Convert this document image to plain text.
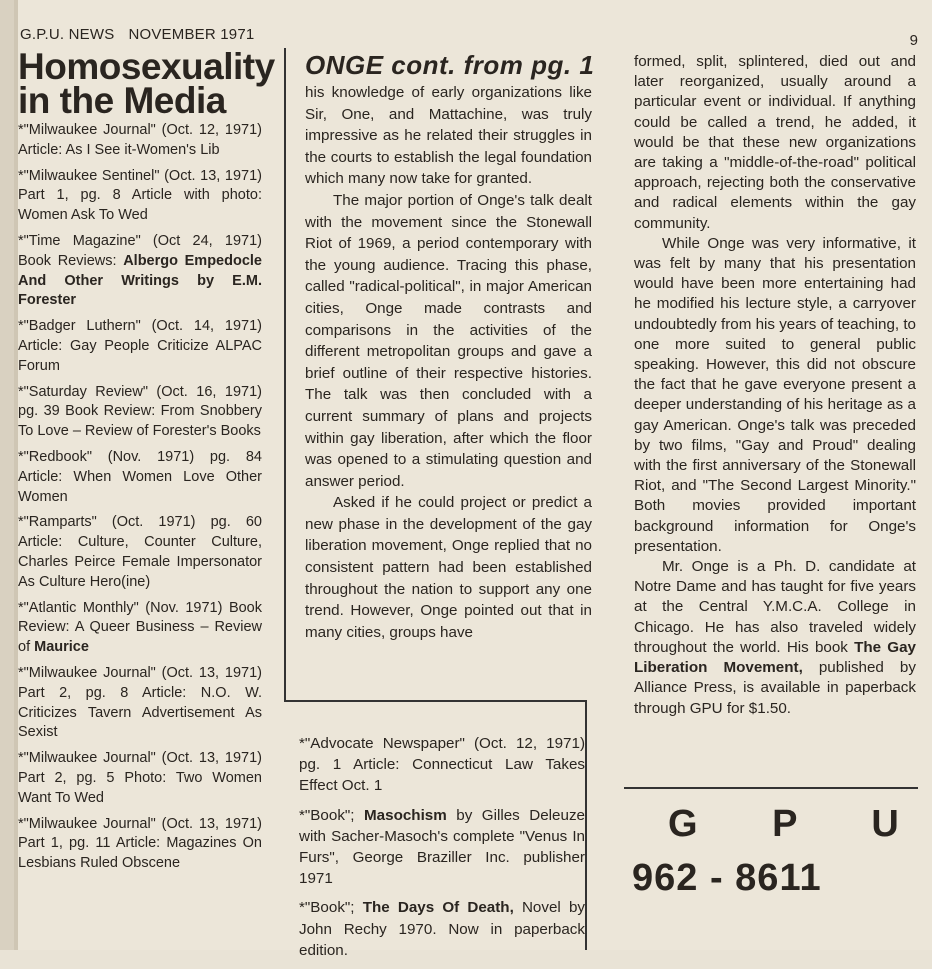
G.P.U. NEWS NOVEMBER 1971	9
Homosexuality
in the Media

*"Milwaukee Journal" (Oct. 12, 1971) Article: As I See it-Women's Lib

*"Milwaukee Sentinel" (Oct. 13, 1971) Part 1, pg. 8 Article with photo: Women Ask To Wed

*"Time Magazine" (Oct 24, 1971) Book Reviews: Albergo Empedocle And Other Writings by E.M. Forester

*"Badger Luthern" (Oct. 14, 1971) Article: Gay People Criticize ALPAC Forum

*"Saturday Review" (Oct. 16, 1971) pg. 39 Book Review: From Snobbery To Love – Review of Forester's Books

*"Redbook" (Nov. 1971) pg. 84 Article: When Women Love Other Women

*"Ramparts" (Oct. 1971) pg. 60 Article: Culture, Counter Culture, Charles Peirce Female Impersonator As Culture Hero(ine)

*"Atlantic Monthly" (Nov. 1971) Book Review: A Queer Business – Review of Maurice

*"Milwaukee Journal" (Oct. 13, 1971) Part 2, pg. 8 Article: N.O. W. Criticizes Tavern Advertisement As Sexist

*"Milwaukee Journal" (Oct. 13, 1971) Part 2, pg. 5 Photo: Two Women Want To Wed

*"Milwaukee Journal" (Oct. 13, 1971) Part 1, pg. 11 Article: Magazines On Lesbians Ruled Obscene

ONGE cont. from pg. 1

his knowledge of early organizations like Sir, One, and Mattachine, was truly impressive as he related their struggles in the courts to establish the legal foundation which many now take for granted.

The major portion of Onge's talk dealt with the movement since the Stonewall Riot of 1969, a period contemporary with the young audience. Tracing this phase, called "radical-political", in major American cities, Onge made contrasts and comparisons in the activities of the different metropolitan groups and gave a brief outline of their respective histories. The talk was then concluded with a current summary of plans and projects within gay liberation, after which the floor was opened to a stimulating question and answer period.

Asked if he could project or predict a new phase in the development of the gay liberation movement, Onge replied that no consistent pattern had been established throughout the nation to support any one trend. However, Onge pointed out that in many cities, groups have

*"Advocate Newspaper" (Oct. 12, 1971) pg. 1 Article: Connecticut Law Takes Effect Oct. 1

*"Book"; Masochism by Gilles Deleuze with Sacher-Masoch's complete "Venus In Furs", George Braziller Inc. publisher 1971

*"Book"; The Days Of Death, Novel by John Rechy 1970. Now in paperback edition.

formed, split, splintered, died out and later reorganized, usually around a particular event or individual. If anything could be called a trend, he added, it would be that these new organizations are taking a "middle-of-the-road" political approach, rejecting both the conservative and radical elements within the gay community.

While Onge was very informative, it was felt by many that his presentation would have been more entertaining had he modified his lecture style, a carryover undoubtedly from his years of teaching, to one more suited to general public speaking. However, this did not obscure the fact that he gave everyone present a deeper understanding of his heritage as a gay American. Onge's talk was preceded by two films, "Gay and Proud" dealing with the first anniversary of the Stonewall Riot, and "The Second Largest Minority." Both movies provided important background information for Onge's presentation.

Mr. Onge is a Ph. D. candidate at Notre Dame and has taught for five years at the Central Y.M.C.A. College in Chicago. He has also traveled widely throughout the world. His book The Gay Liberation Movement, published by Alliance Press, is available in paperback through GPU for $1.50.

G P U
962 - 8611
